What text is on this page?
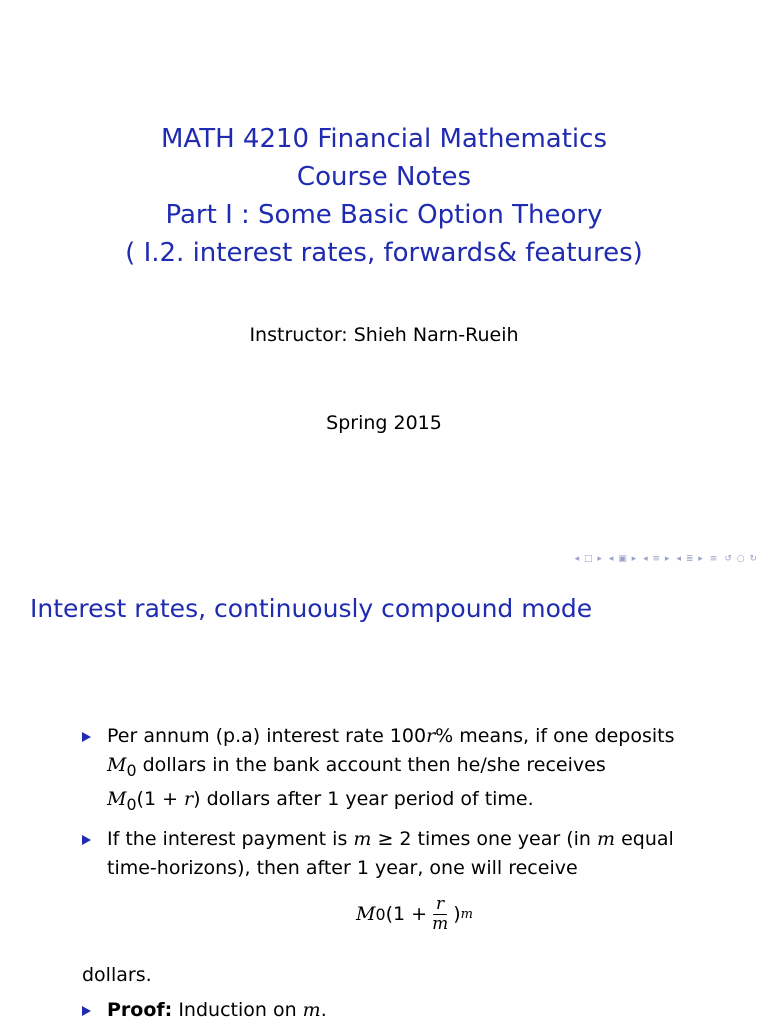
MATH 4210 Financial Mathematics
Course Notes
Part I : Some Basic Option Theory
( I.2. interest rates, forwards& features)
Instructor: Shieh Narn-Rueih
Spring 2015
◂ □ ▸ ◂ ▣ ▸ ◂ ≡ ▸ ◂ ≣ ▸ ≡ ↺ ○ ↻
Interest rates, continuously compound mode
Per annum (p.a) interest rate 100r% means, if one deposits
$M_0$ dollars in the bank account then he/she receives
$M_0(1 + r)$ dollars after 1 year period of time.
If the interest payment is m ≥ 2 times one year (in m equal
time-horizons), then after 1 year, one will receive
M 0 ($1 + \frac{r}{m}$ ) m
dollars.
Proof: Induction on m.
